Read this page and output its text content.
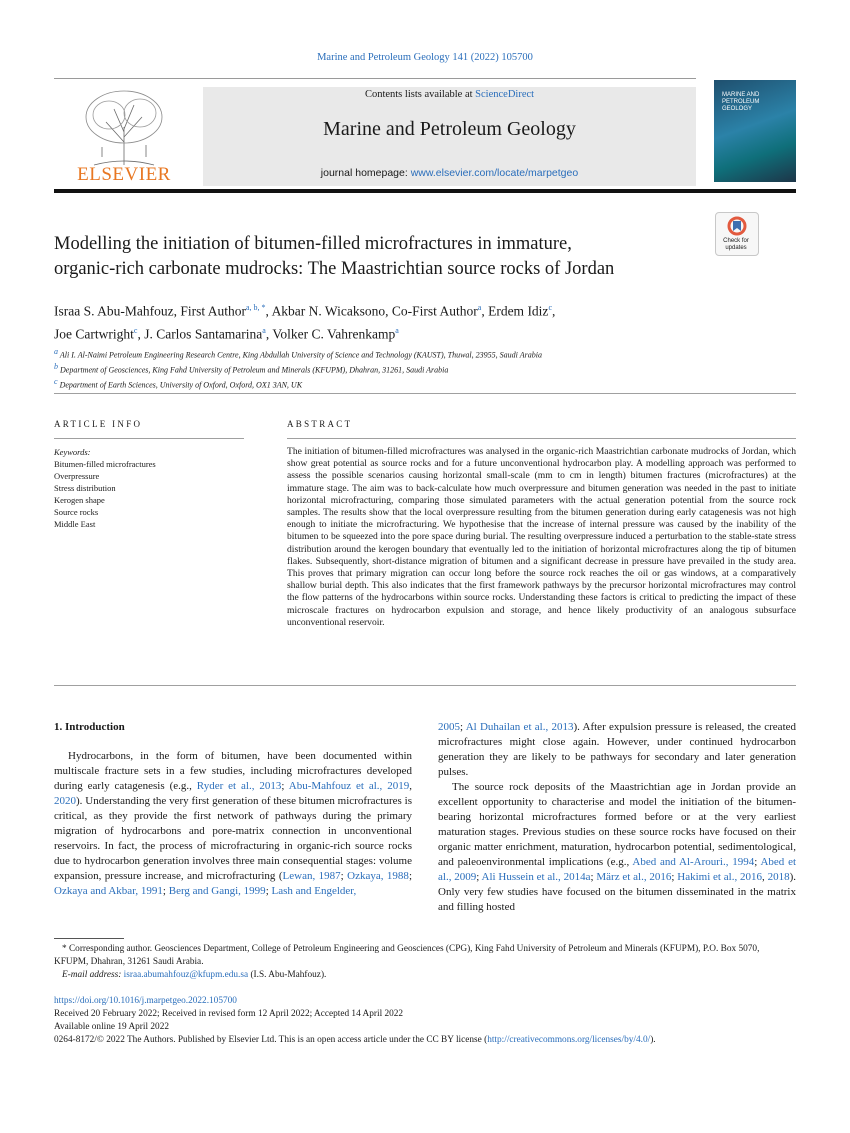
Marine and Petroleum Geology 141 (2022) 105700
ELSEVIER
Contents lists available at ScienceDirect
Marine and Petroleum Geology
journal homepage: www.elsevier.com/locate/marpetgeo
MARINE AND PETROLEUM GEOLOGY
Check for updates
Modelling the initiation of bitumen-filled microfractures in immature,
organic-rich carbonate mudrocks: The Maastrichtian source rocks of Jordan
Israa S. Abu-Mahfouz, First Author$^{a, b, *}$, Akbar N. Wicaksono, Co-First Author$^a$, Erdem Idiz$^c$,
Joe Cartwright$^c$, J. Carlos Santamarina$^a$, Volker C. Vahrenkamp$^a$
$^a$ Ali I. Al-Naimi Petroleum Engineering Research Centre, King Abdullah University of Science and Technology (KAUST), Thuwal, 23955, Saudi Arabia
$^b$ Department of Geosciences, King Fahd University of Petroleum and Minerals (KFUPM), Dhahran, 31261, Saudi Arabia
$^c$ Department of Earth Sciences, University of Oxford, Oxford, OX1 3AN, UK
ARTICLE INFO	ABSTRACT
Keywords:
Bitumen-filled microfractures
Overpressure
Stress distribution
Kerogen shape
Source rocks
Middle East
The initiation of bitumen-filled microfractures was analysed in the organic-rich Maastrichtian carbonate mudrocks of Jordan, which show great potential as source rocks and for a future unconventional hydrocarbon play. A modelling approach was performed to assess the possible scenarios causing horizontal small-scale (mm to cm in length) bitumen fractures (microfractures) at the immature stage. The aim was to back-calculate how much overpressure and bitumen generation was needed in the past to initiate horizontal microfracturing, comparing those simulated parameters with the actual generation potential from the source rock samples. The results show that the local overpressure resulting from the bitumen generation during early catagenesis was not high enough to initiate the microfracturing. We hypothesise that the increase of internal pressure was caused by the inability of the bitumen to be squeezed into the pore space during burial. The resulting overpressure induced a perturbation to the stable-state stress distribution around the kerogen boundary that eventually led to the initiation of horizontal microfractures along the tip of bitumen flakes. Subsequently, short-distance migration of bitumen and a significant decrease in pressure have prevailed in the study area. This proves that primary migration can occur long before the source rock reaches the oil or gas windows, at a comparatively shallow burial depth. This also indicates that the first framework pathways by the precursor horizontal microfractures may control the flow patterns of the hydrocarbons within source rocks. Understanding these factors is critical to predicting the impact of these microscale fractures on hydrocarbon expulsion and storage, and hence likely productivity of an analogous subsurface unconventional reservoir.
1. Introduction

Hydrocarbons, in the form of bitumen, have been documented within multiscale fracture sets in a few studies, including microfractures developed during early catagenesis (e.g., Ryder et al., 2013; Abu-Mahfouz et al., 2019, 2020). Understanding the very first generation of these bitumen microfractures is critical, as they provide the first network of pathways during the primary migration of hydrocarbons and pore-matrix connection in unconventional reservoirs. In fact, the process of microfracturing in organic-rich source rocks due to hydrocarbon generation involves three main consequential stages: volume expansion, pressure increase, and microfracturing (Lewan, 1987; Ozkaya, 1988; Ozkaya and Akbar, 1991; Berg and Gangi, 1999; Lash and Engelder,

2005; Al Duhailan et al., 2013). After expulsion pressure is released, the created microfractures might close again. However, under continued hydrocarbon generation they are likely to be pathways for secondary and later generation pulses.

The source rock deposits of the Maastrichtian age in Jordan provide an excellent opportunity to characterise and model the initiation of the bitumen-bearing horizontal microfractures formed before or at the very earliest maturation stages. Previous studies on these source rocks have focused on their organic matter enrichment, maturation, hydrocarbon potential, sedimentological, and paleoenvironmental implications (e.g., Abed and Al-Arouri., 1994; Abed et al., 2009; Ali Hussein et al., 2014a; März et al., 2016; Hakimi et al., 2016, 2018). Only very few studies have focused on the bitumen disseminated in the matrix and filling hosted

* Corresponding author. Geosciences Department, College of Petroleum Engineering and Geosciences (CPG), King Fahd University of Petroleum and Minerals (KFUPM), P.O. Box 5070, KFUPM, Dhahran, 31261 Saudi Arabia.
E-mail address: israa.abumahfouz@kfupm.edu.sa (I.S. Abu-Mahfouz).
https://doi.org/10.1016/j.marpetgeo.2022.105700
Received 20 February 2022; Received in revised form 12 April 2022; Accepted 14 April 2022
Available online 19 April 2022
0264-8172/© 2022 The Authors. Published by Elsevier Ltd. This is an open access article under the CC BY license (http://creativecommons.org/licenses/by/4.0/).
